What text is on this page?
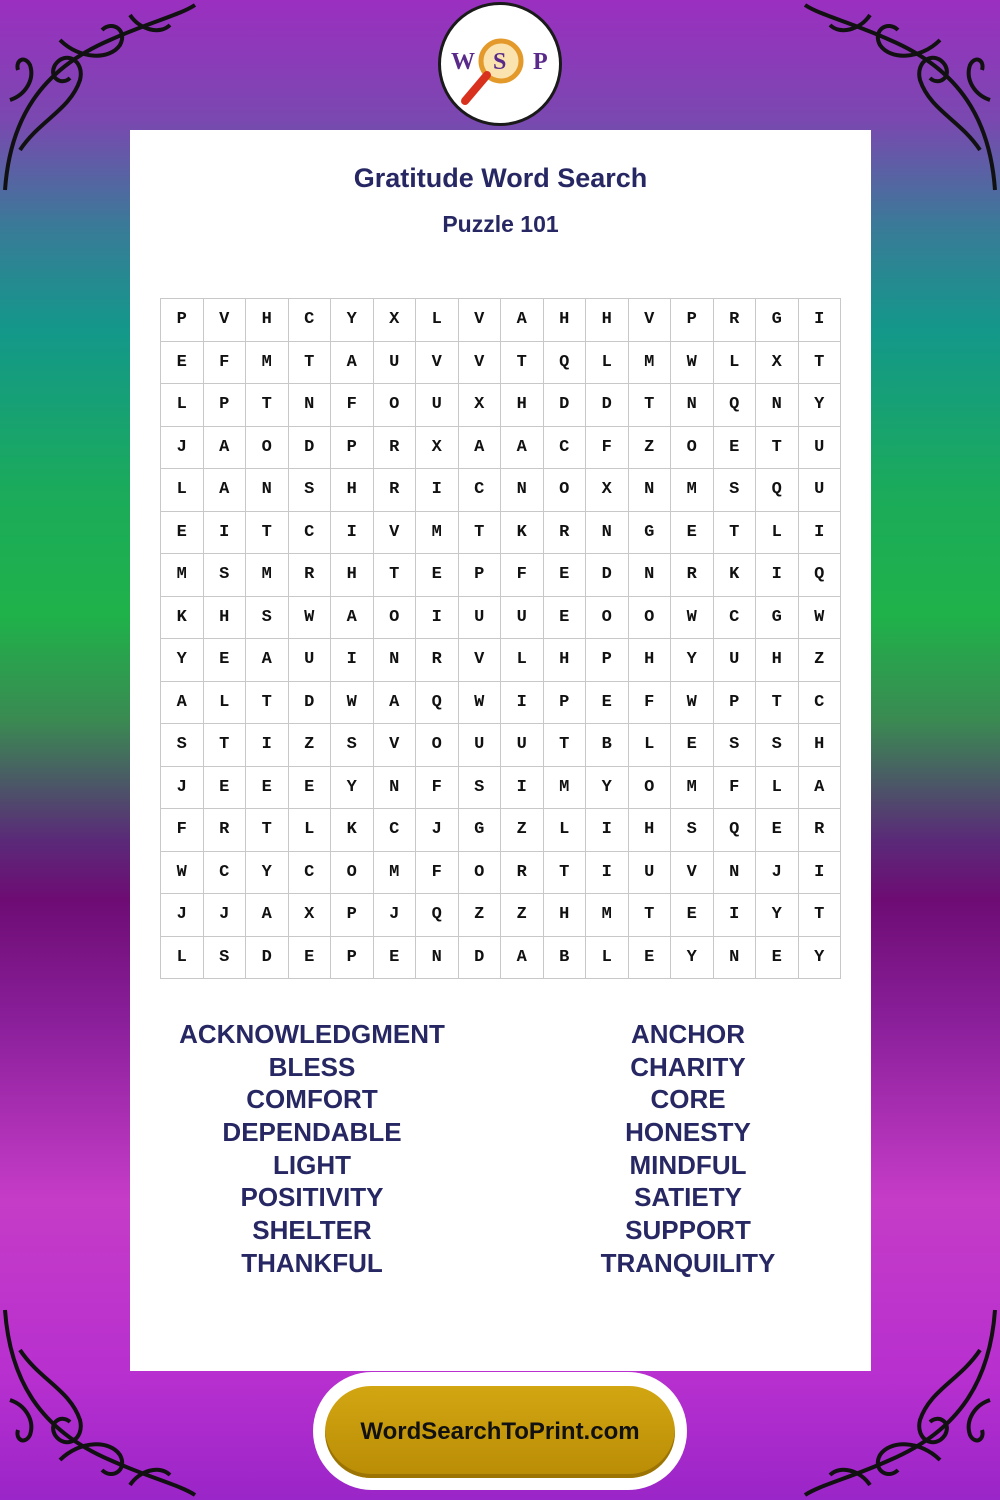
Gratitude Word Search
Puzzle 101
P	V	H	C	Y	X	L	V	A	H	H	V	P	R	G	I
E	F	M	T	A	U	V	V	T	Q	L	M	W	L	X	T
L	P	T	N	F	O	U	X	H	D	D	T	N	Q	N	Y
J	A	O	D	P	R	X	A	A	C	F	Z	O	E	T	U
L	A	N	S	H	R	I	C	N	O	X	N	M	S	Q	U
E	I	T	C	I	V	M	T	K	R	N	G	E	T	L	I
M	S	M	R	H	T	E	P	F	E	D	N	R	K	I	Q
K	H	S	W	A	O	I	U	U	E	O	O	W	C	G	W
Y	E	A	U	I	N	R	V	L	H	P	H	Y	U	H	Z
A	L	T	D	W	A	Q	W	I	P	E	F	W	P	T	C
S	T	I	Z	S	V	O	U	U	T	B	L	E	S	S	H
J	E	E	E	Y	N	F	S	I	M	Y	O	M	F	L	A
F	R	T	L	K	C	J	G	Z	L	I	H	S	Q	E	R
W	C	Y	C	O	M	F	O	R	T	I	U	V	N	J	I
J	J	A	X	P	J	Q	Z	Z	H	M	T	E	I	Y	T
L	S	D	E	P	E	N	D	A	B	L	E	Y	N	E	Y
ACKNOWLEDGMENT
BLESS
COMFORT
DEPENDABLE
LIGHT
POSITIVITY
SHELTER
THANKFUL
ANCHOR
CHARITY
CORE
HONESTY
MINDFUL
SATIETY
SUPPORT
TRANQUILITY
W S P
WordSearchToPrint.com
